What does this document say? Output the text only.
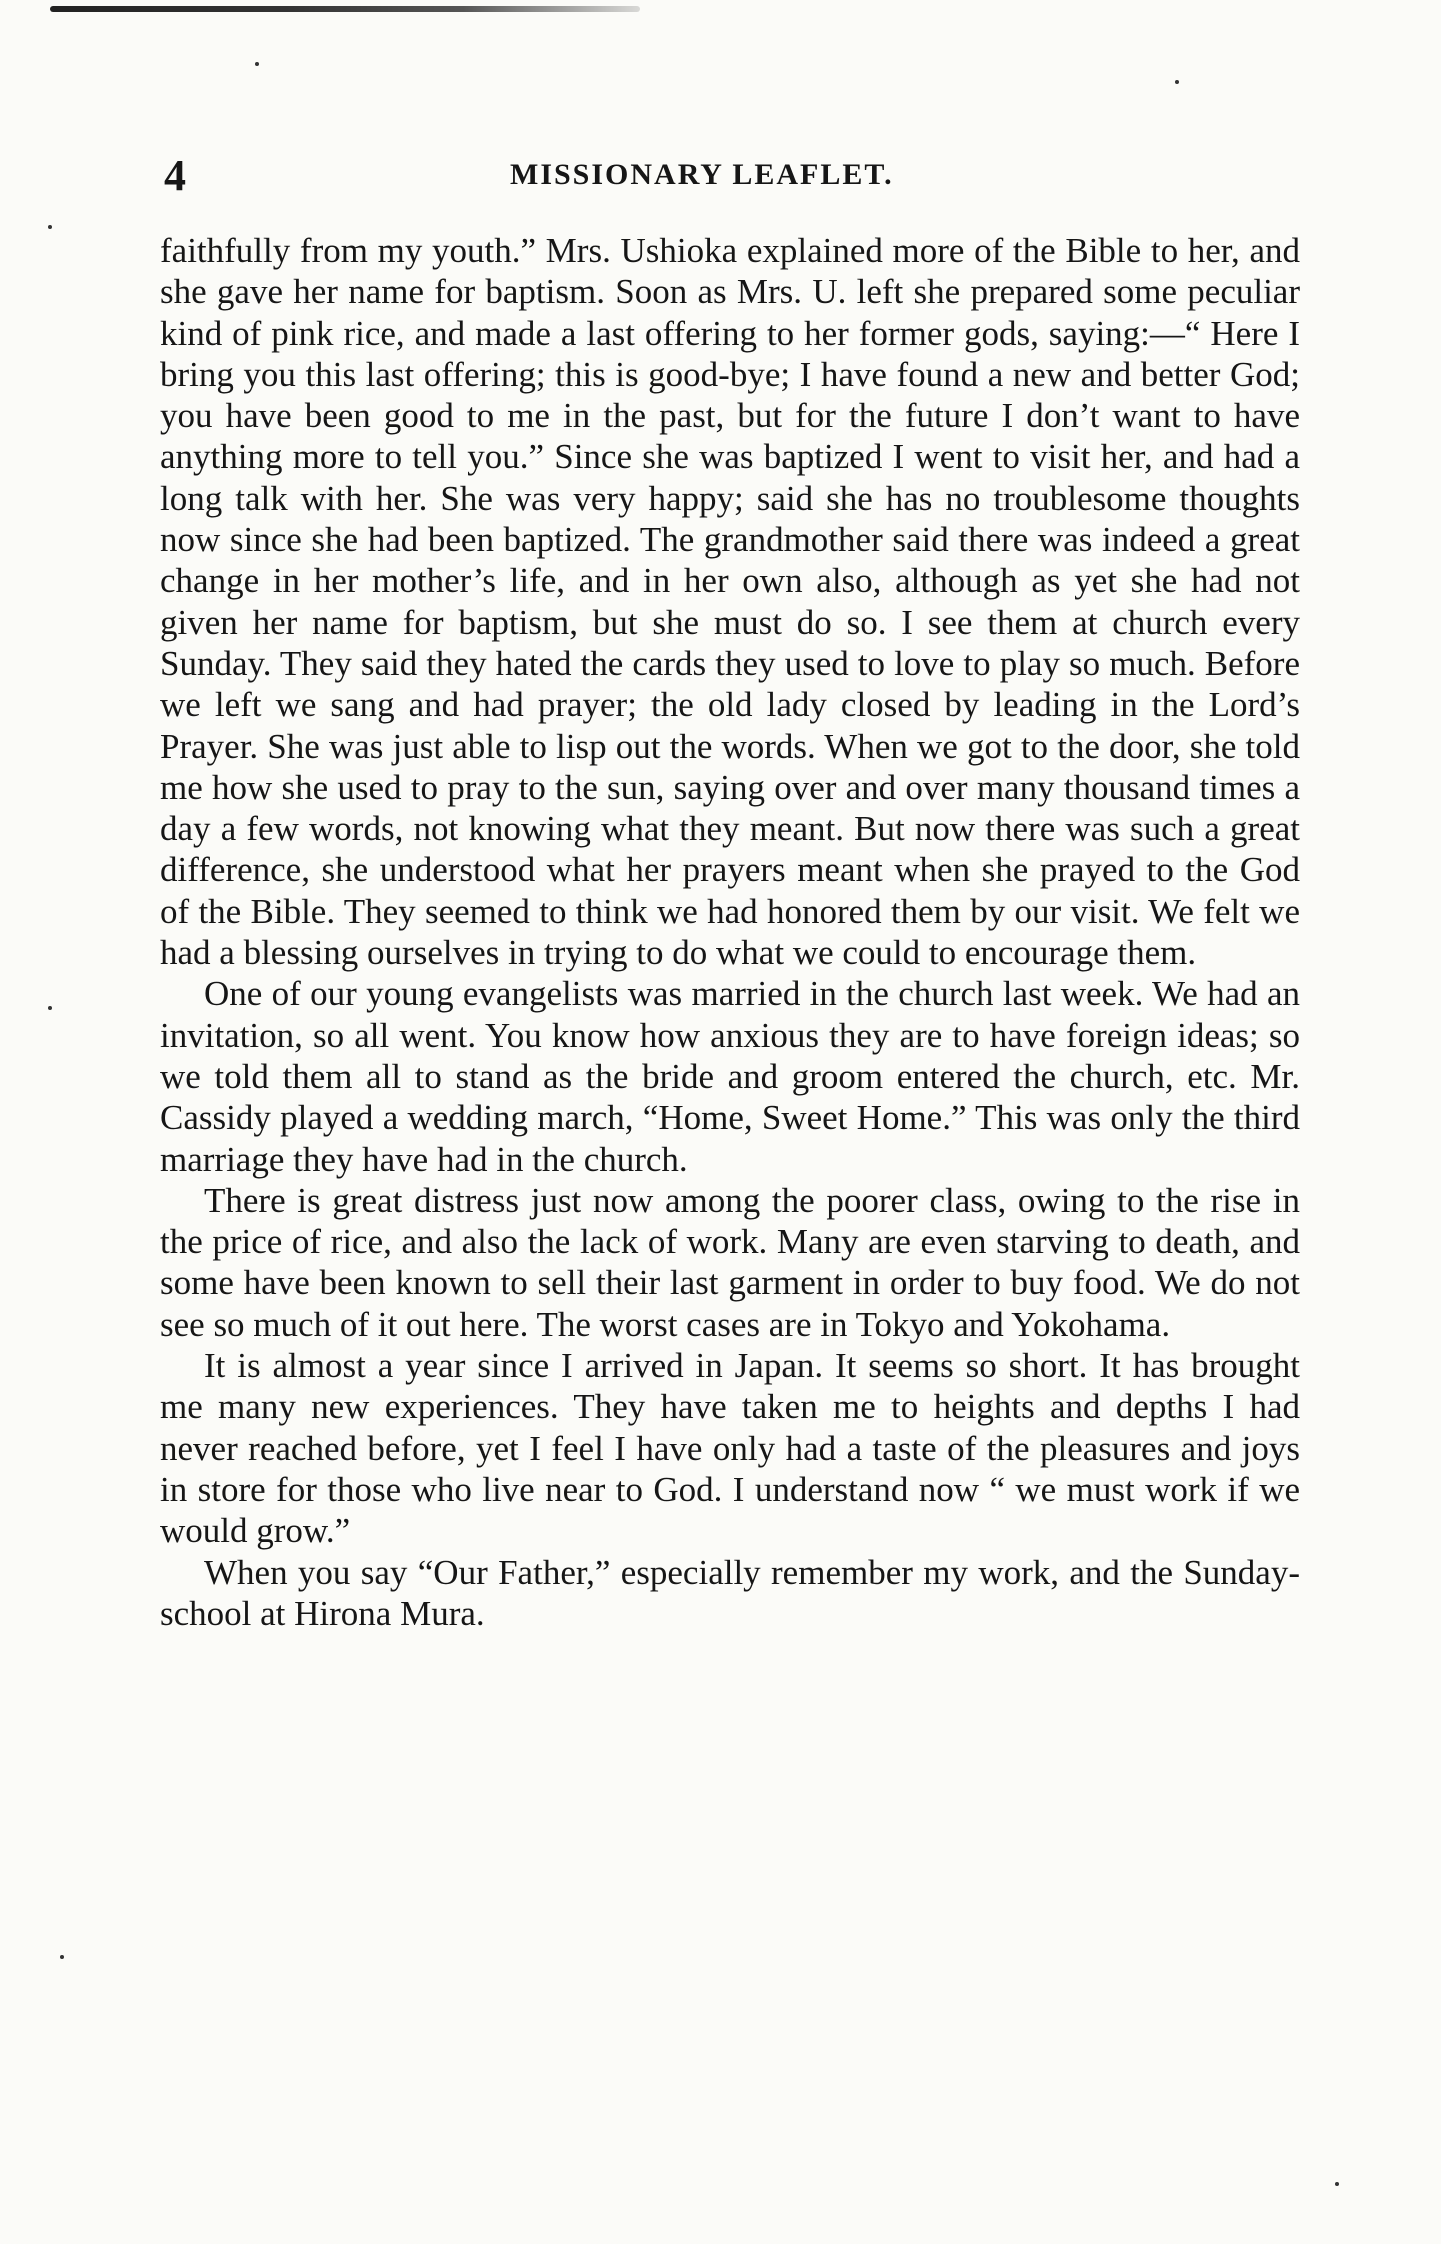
4	MISSIONARY LEAFLET.

faithfully from my youth.” Mrs. Ushioka explained more of the Bible to her, and she gave her name for baptism. Soon as Mrs. U. left she prepared some peculiar kind of pink rice, and made a last offering to her former gods, saying:—“ Here I bring you this last offering; this is good-bye; I have found a new and better God; you have been good to me in the past, but for the future I don’t want to have anything more to tell you.” Since she was baptized I went to visit her, and had a long talk with her. She was very happy; said she has no troublesome thoughts now since she had been baptized. The grandmother said there was indeed a great change in her mother’s life, and in her own also, although as yet she had not given her name for baptism, but she must do so. I see them at church every Sunday. They said they hated the cards they used to love to play so much. Before we left we sang and had prayer; the old lady closed by leading in the Lord’s Prayer. She was just able to lisp out the words. When we got to the door, she told me how she used to pray to the sun, saying over and over many thousand times a day a few words, not knowing what they meant. But now there was such a great difference, she understood what her prayers meant when she prayed to the God of the Bible. They seemed to think we had honored them by our visit. We felt we had a blessing ourselves in trying to do what we could to encourage them.

One of our young evangelists was married in the church last week. We had an invitation, so all went. You know how anxious they are to have foreign ideas; so we told them all to stand as the bride and groom entered the church, etc. Mr. Cassidy played a wedding march, “Home, Sweet Home.” This was only the third marriage they have had in the church.

There is great distress just now among the poorer class, owing to the rise in the price of rice, and also the lack of work. Many are even starving to death, and some have been known to sell their last garment in order to buy food. We do not see so much of it out here. The worst cases are in Tokyo and Yokohama.

It is almost a year since I arrived in Japan. It seems so short. It has brought me many new experiences. They have taken me to heights and depths I had never reached before, yet I feel I have only had a taste of the pleasures and joys in store for those who live near to God. I understand now “ we must work if we would grow.”

When you say “Our Father,” especially remember my work, and the Sunday-school at Hirona Mura.
